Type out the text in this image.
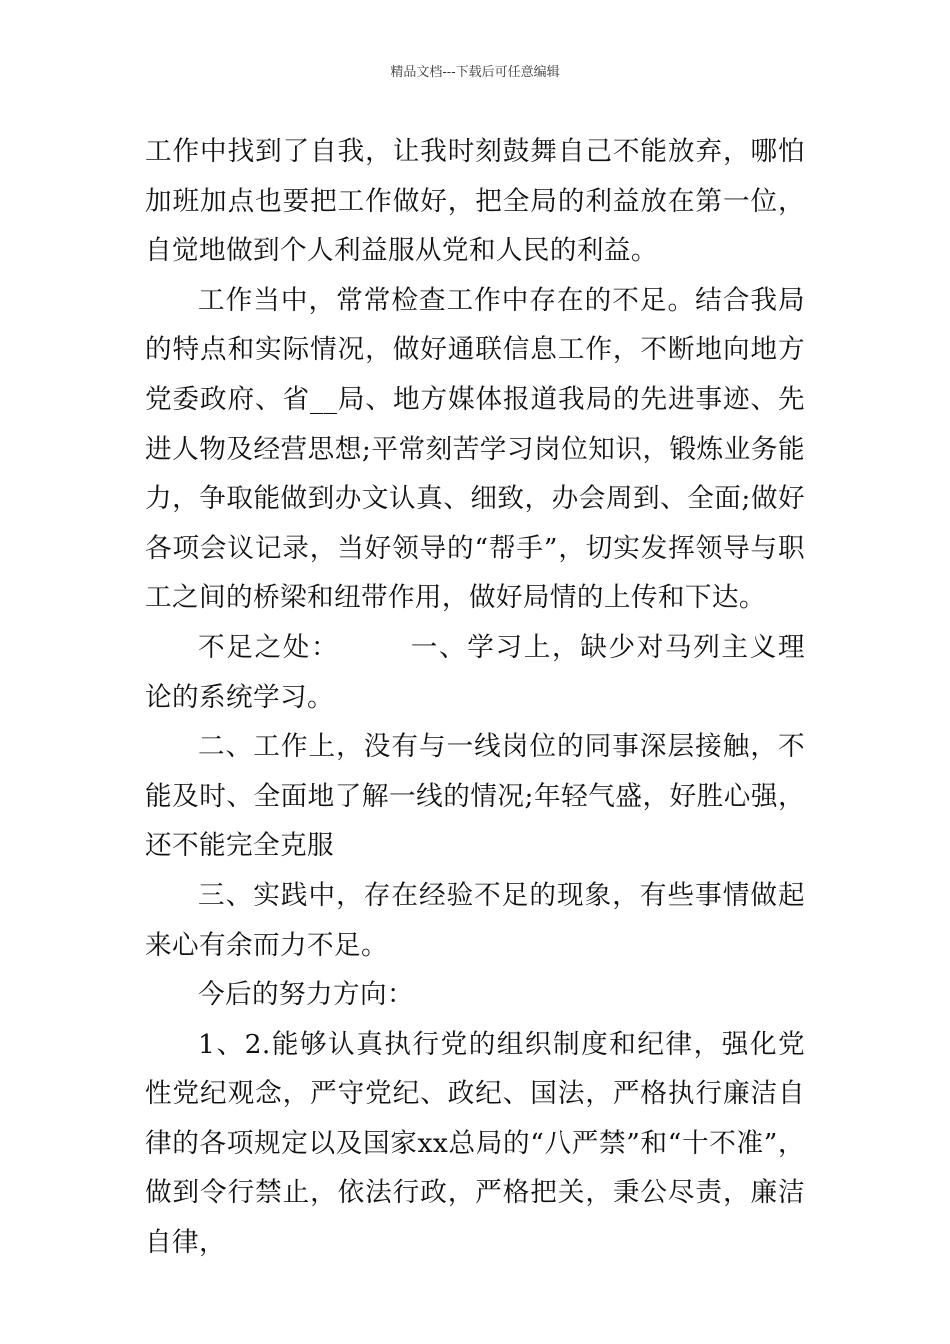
精品文档---下载后可任意编辑

工作中找到了自我，让我时刻鼓舞自己不能放弃，哪怕加班加点也要把工作做好，把全局的利益放在第一位，自觉地做到个人利益服从党和人民的利益。

工作当中，常常检查工作中存在的不足。结合我局的特点和实际情况，做好通联信息工作，不断地向地方党委政府、省__局、地方媒体报道我局的先进事迹、先进人物及经营思想;平常刻苦学习岗位知识，锻炼业务能力，争取能做到办文认真、细致，办会周到、全面;做好各项会议记录，当好领导的“帮手”，切实发挥领导与职工之间的桥梁和纽带作用，做好局情的上传和下达。

不足之处：　　　一、学习上，缺少对马列主义理论的系统学习。

二、工作上，没有与一线岗位的同事深层接触，不能及时、全面地了解一线的情况;年轻气盛，好胜心强，还不能完全克服

三、实践中，存在经验不足的现象，有些事情做起来心有余而力不足。

今后的努力方向：

1、2.能够认真执行党的组织制度和纪律，强化党性党纪观念，严守党纪、政纪、国法，严格执行廉洁自律的各项规定以及国家xx总局的“八严禁”和“十不准”，做到令行禁止，依法行政，严格把关，秉公尽责，廉洁自律，
